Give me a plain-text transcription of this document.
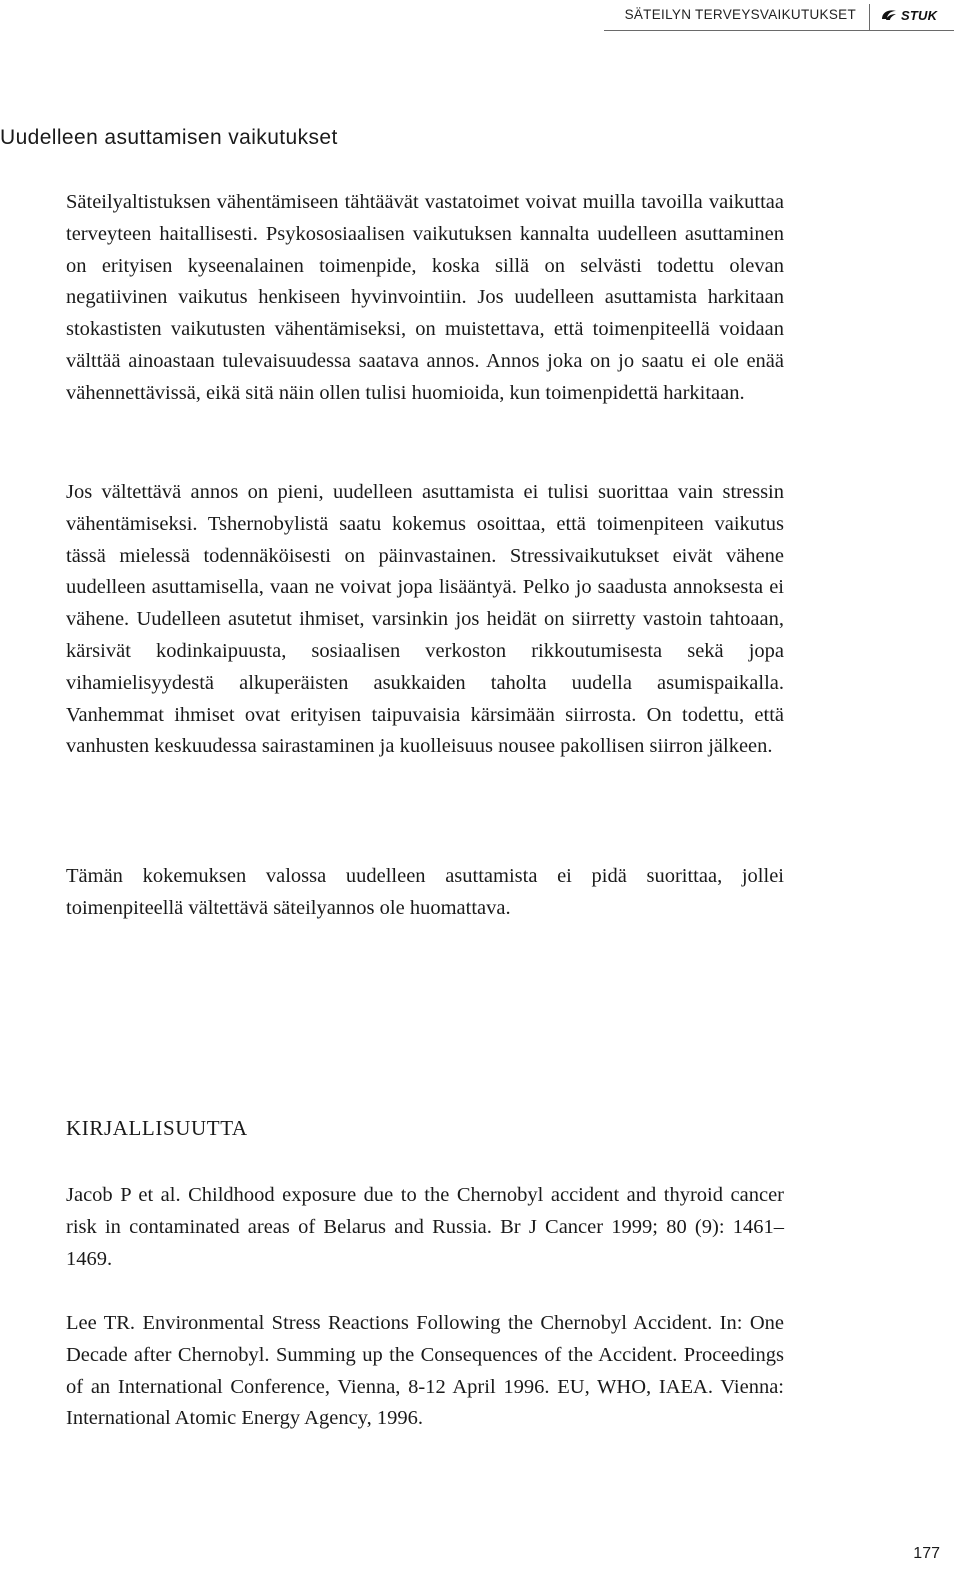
SÄTEILYN TERVEYSVAIKUTUKSET	STUK
Uudelleen asuttamisen vaikutukset

Säteilyaltistuksen vähentämiseen tähtäävät vastatoimet voivat muilla tavoilla vaikuttaa terveyteen haitallisesti. Psykososiaalisen vaikutuksen kannalta uudelleen asuttaminen on erityisen kyseenalainen toimenpide, koska sillä on selvästi todettu olevan negatiivinen vaikutus henkiseen hyvinvointiin. Jos uudelleen asuttamista harkitaan stokastisten vaikutusten vähentämiseksi, on muistettava, että toimenpiteellä voidaan välttää ainoastaan tulevaisuudessa saatava annos. Annos joka on jo saatu ei ole enää vähennettävissä, eikä sitä näin ollen tulisi huomioida, kun toimenpidettä harkitaan.

Jos vältettävä annos on pieni, uudelleen asuttamista ei tulisi suorittaa vain stressin vähentämiseksi. Tshernobylistä saatu kokemus osoittaa, että toimenpiteen vaikutus tässä mielessä todennäköisesti on päinvastainen. Stressivaikutukset eivät vähene uudelleen asuttamisella, vaan ne voivat jopa lisääntyä. Pelko jo saadusta annoksesta ei vähene. Uudelleen asutetut ihmiset, varsinkin jos heidät on siirretty vastoin tahtoaan, kärsivät kodinkaipuusta, sosiaalisen verkoston rikkoutumisesta sekä jopa vihamielisyydestä alkuperäisten asukkaiden taholta uudella asumispaikalla. Vanhemmat ihmiset ovat erityisen taipuvaisia kärsimään siirrosta. On todettu, että vanhusten keskuudessa sairastaminen ja kuolleisuus nousee pakollisen siirron jälkeen.

Tämän kokemuksen valossa uudelleen asuttamista ei pidä suorittaa, jollei toimenpiteellä vältettävä säteilyannos ole huomattava.

KIRJALLISUUTTA

Jacob P et al. Childhood exposure due to the Chernobyl accident and thyroid cancer risk in contaminated areas of Belarus and Russia. Br J Cancer 1999; 80 (9): 1461–1469.

Lee TR. Environmental Stress Reactions Following the Chernobyl Accident. In: One Decade after Chernobyl. Summing up the Consequences of the Accident. Proceedings of an International Conference, Vienna, 8-12 April 1996. EU, WHO, IAEA. Vienna: International Atomic Energy Agency, 1996.

177
